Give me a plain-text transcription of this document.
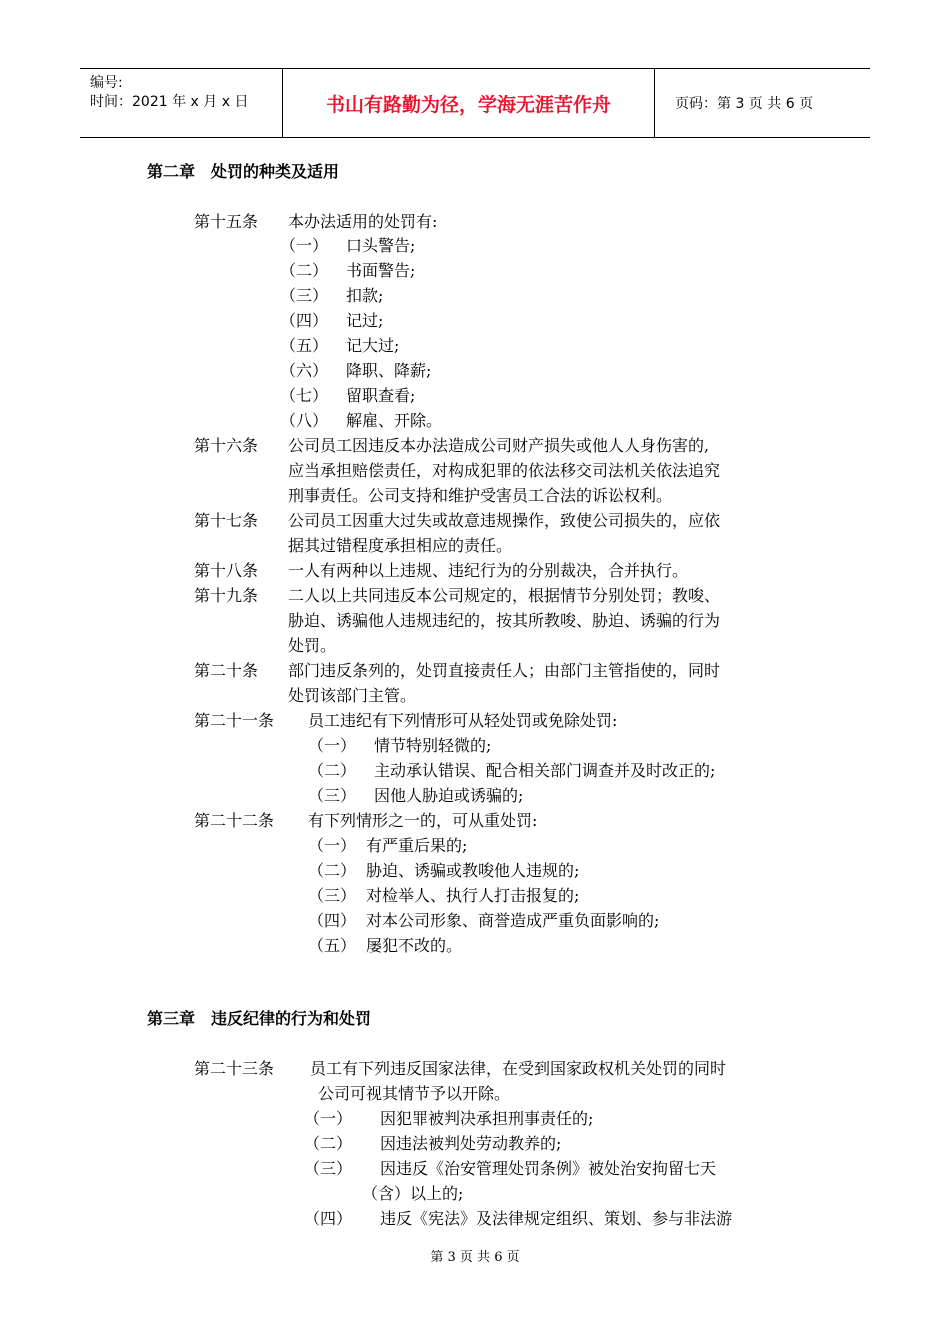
编号:
时间：2021 年 x 月 x 日	书山有路勤为径，学海无涯苦作舟	页码：第 3 页 共 6 页
第二章　处罚的种类及适用
第十五条 本办法适用的处罚有:
（一） 口头警告;
（二） 书面警告;
（三） 扣款;
（四） 记过;
（五） 记大过;
（六） 降职、降薪;
（七） 留职查看;
（八） 解雇、开除。
第十六条 公司员工因违反本办法造成公司财产损失或他人人身伤害的,
应当承担赔偿责任，对构成犯罪的依法移交司法机关依法追究
刑事责任。公司支持和维护受害员工合法的诉讼权利。
第十七条 公司员工因重大过失或故意违规操作，致使公司损失的，应依
据其过错程度承担相应的责任。
第十八条 一人有两种以上违规、违纪行为的分别裁决，合并执行。
第十九条 二人以上共同违反本公司规定的，根据情节分别处罚；教唆、
胁迫、诱骗他人违规违纪的，按其所教唆、胁迫、诱骗的行为
处罚。
第二十条 部门违反条列的，处罚直接责任人；由部门主管指使的，同时
处罚该部门主管。
第二十一条 员工违纪有下列情形可从轻处罚或免除处罚:
（一） 情节特别轻微的;
（二） 主动承认错误、配合相关部门调查并及时改正的;
（三） 因他人胁迫或诱骗的;
第二十二条 有下列情形之一的，可从重处罚:
（一） 有严重后果的;
（二） 胁迫、诱骗或教唆他人违规的;
（三） 对检举人、执行人打击报复的;
（四） 对本公司形象、商誉造成严重负面影响的;
（五） 屡犯不改的。
第三章　违反纪律的行为和处罚
第二十三条 员工有下列违反国家法律，在受到国家政权机关处罚的同时
公司可视其情节予以开除。
（一） 因犯罪被判决承担刑事责任的;
（二） 因违法被判处劳动教养的;
（三） 因违反《治安管理处罚条例》被处治安拘留七天
（含）以上的;
（四） 违反《宪法》及法律规定组织、策划、参与非法游
第 3 页 共 6 页
